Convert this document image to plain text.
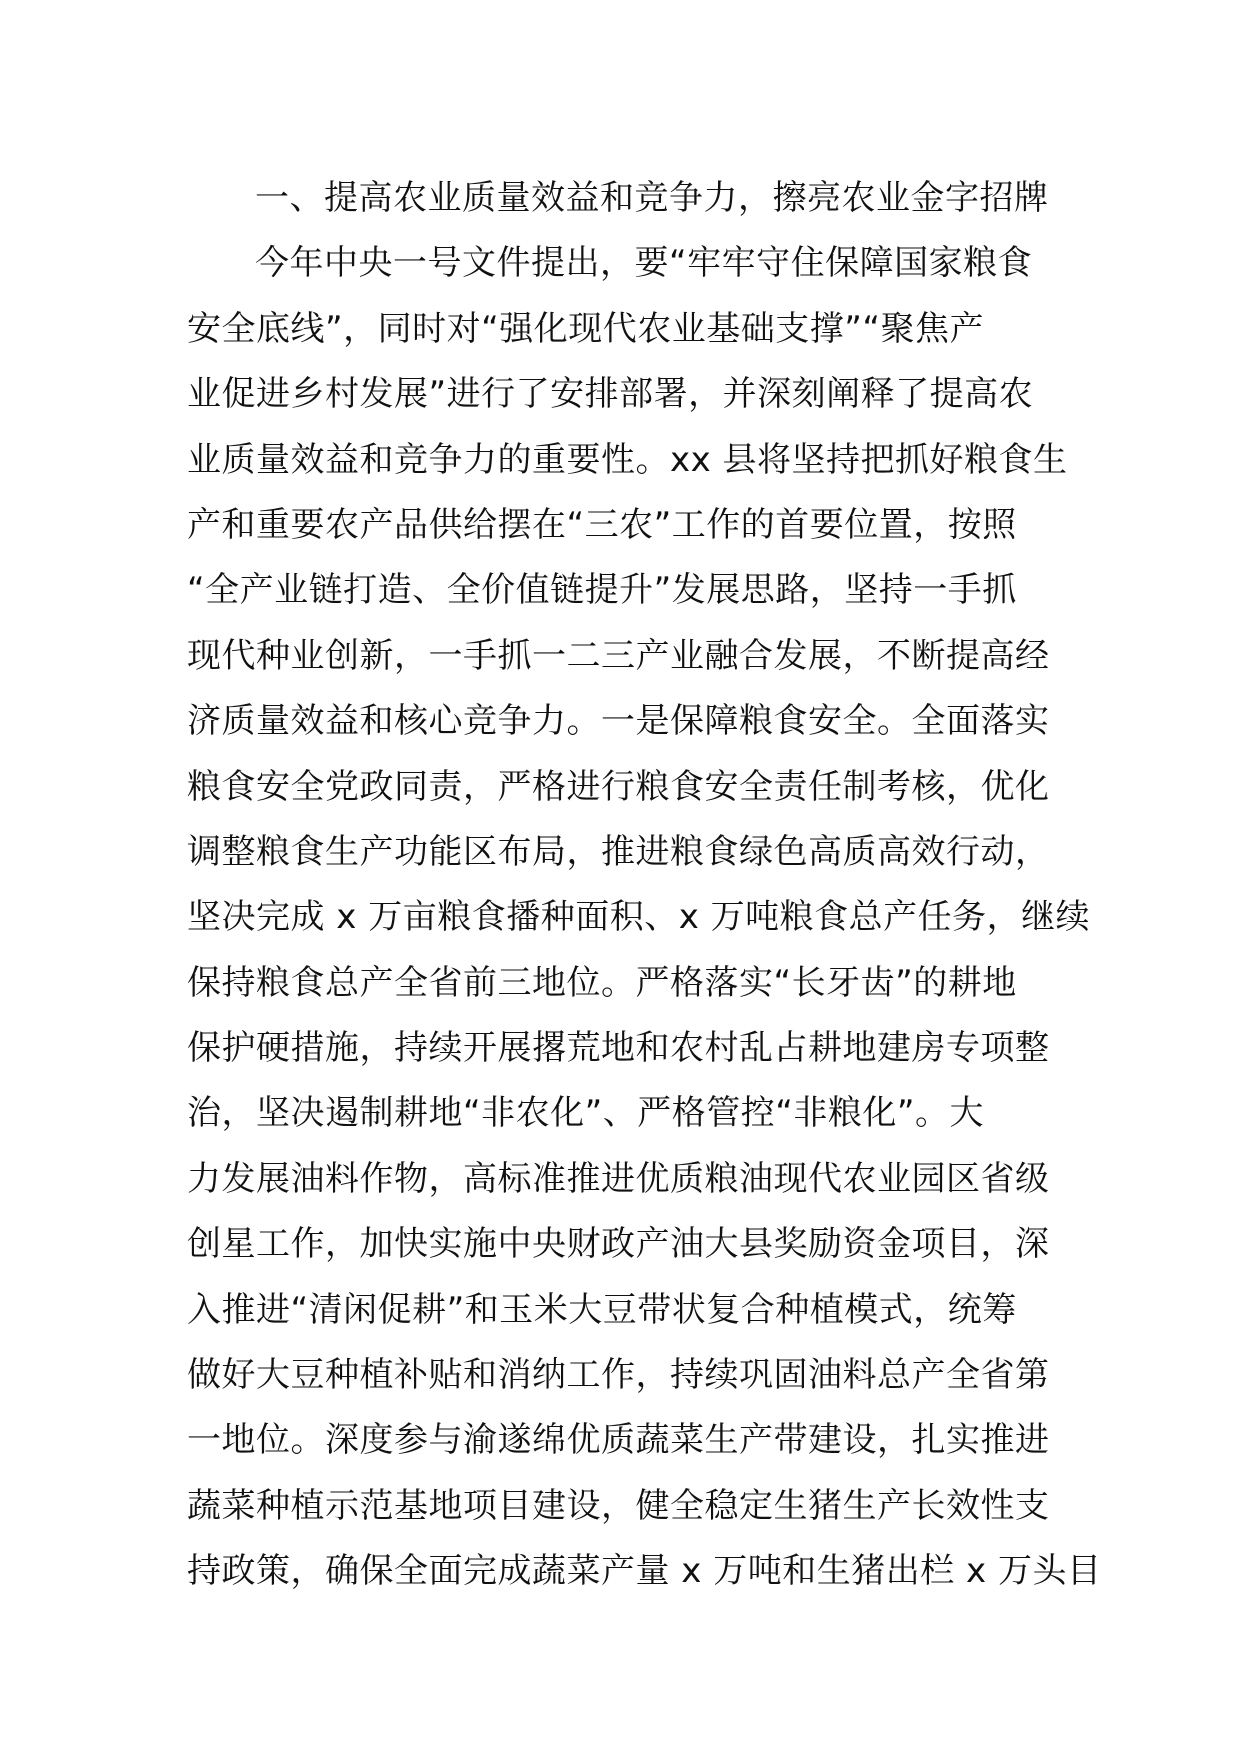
一、提高农业质量效益和竞争力，擦亮农业金字招牌
今年中央一号文件提出，要“牢牢守住保障国家粮食
安全底线”，同时对“强化现代农业基础支撑”“聚焦产
业促进乡村发展”进行了安排部署，并深刻阐释了提高农
业质量效益和竞争力的重要性。xx 县将坚持把抓好粮食生
产和重要农产品供给摆在“三农”工作的首要位置，按照
“全产业链打造、全价值链提升”发展思路，坚持一手抓
现代种业创新，一手抓一二三产业融合发展，不断提高经
济质量效益和核心竞争力。一是保障粮食安全。全面落实
粮食安全党政同责，严格进行粮食安全责任制考核，优化
调整粮食生产功能区布局，推进粮食绿色高质高效行动，
坚决完成 x 万亩粮食播种面积、x 万吨粮食总产任务，继续
保持粮食总产全省前三地位。严格落实“长牙齿”的耕地
保护硬措施，持续开展撂荒地和农村乱占耕地建房专项整
治，坚决遏制耕地“非农化”、严格管控“非粮化”。大
力发展油料作物，高标准推进优质粮油现代农业园区省级
创星工作，加快实施中央财政产油大县奖励资金项目，深
入推进“清闲促耕”和玉米大豆带状复合种植模式，统筹
做好大豆种植补贴和消纳工作，持续巩固油料总产全省第
一地位。深度参与渝遂绵优质蔬菜生产带建设，扎实推进
蔬菜种植示范基地项目建设，健全稳定生猪生产长效性支
持政策，确保全面完成蔬菜产量 x 万吨和生猪出栏 x 万头目
